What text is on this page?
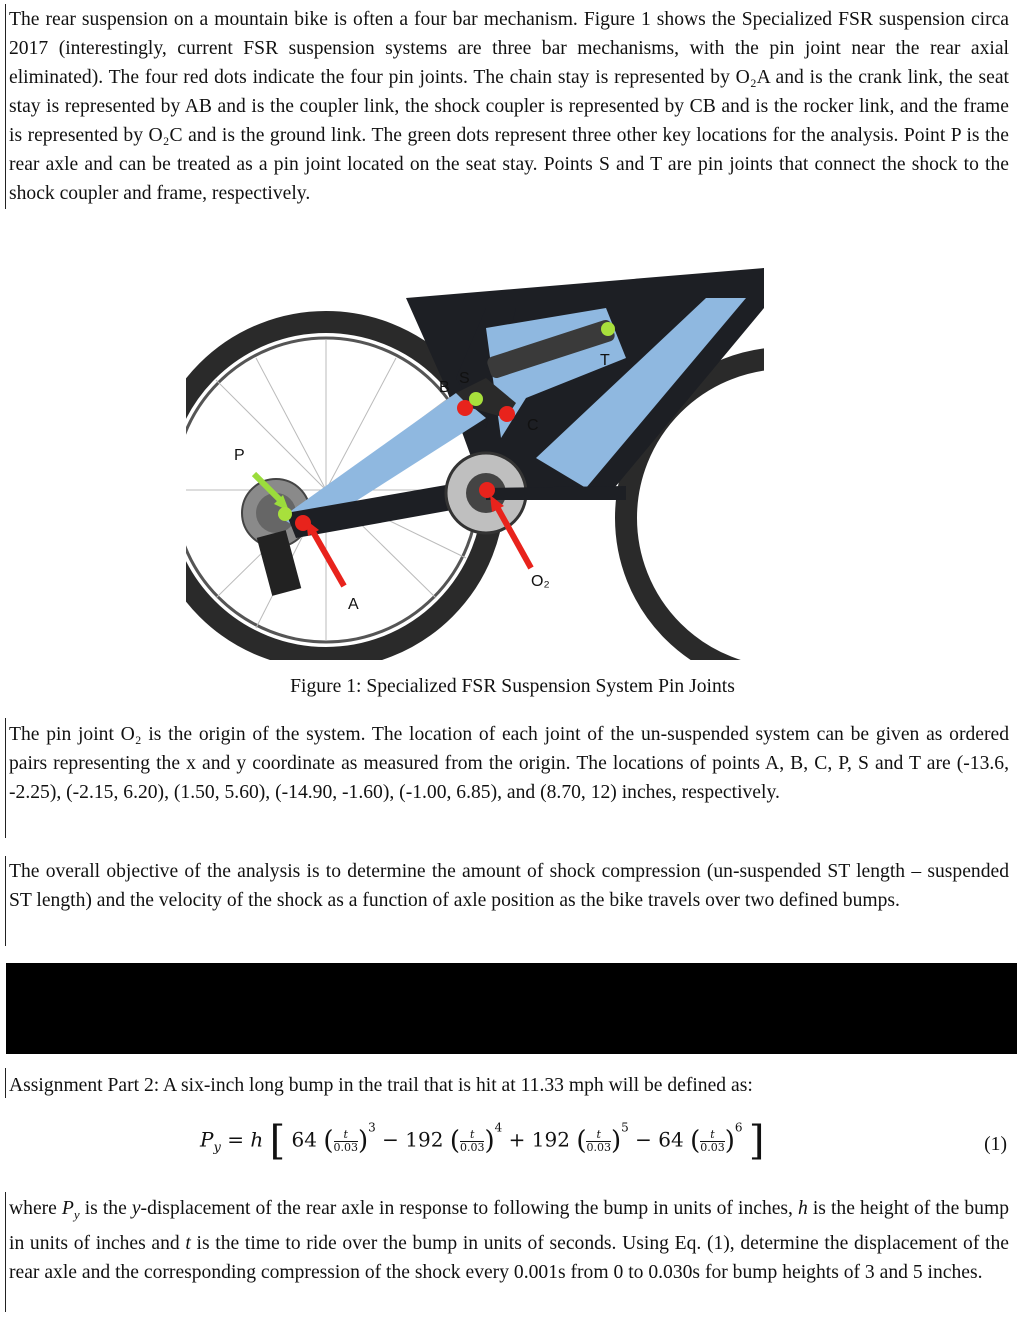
The rear suspension on a mountain bike is often a four bar mechanism. Figure 1 shows the Specialized FSR suspension circa 2017 (interestingly, current FSR suspension systems are three bar mechanisms, with the pin joint near the rear axial eliminated). The four red dots indicate the four pin joints. The chain stay is represented by O₂A and is the crank link, the seat stay is represented by AB and is the coupler link, the shock coupler is represented by CB and is the rocker link, and the frame is represented by O₂C and is the ground link. The green dots represent three other key locations for the analysis. Point P is the rear axle and can be treated as a pin joint located on the seat stay. Points S and T are pin joints that connect the shock to the shock coupler and frame, respectively.

P
B
S
C
T
A
O₂
Figure 1: Specialized FSR Suspension System Pin Joints

The pin joint O₂ is the origin of the system. The location of each joint of the un-suspended system can be given as ordered pairs representing the x and y coordinate as measured from the origin. The locations of points A, B, C, P, S and T are (-13.6, -2.25), (-2.15, 6.20), (1.50, 5.60), (-14.90, -1.60), (-1.00, 6.85), and (8.70, 12) inches, respectively.

The overall objective of the analysis is to determine the amount of shock compression (un-suspended ST length – suspended ST length) and the velocity of the shock as a function of axle position as the bike travels over two defined bumps.

Assignment Part 2: A six-inch long bump in the trail that is hit at 11.33 mph will be defined as:

$P_y = h$ [ 64 ( $\frac{t}{0.03} )^3 - 192$ ( $\frac{t}{0.03} )^4 + 192$ ( $\frac{t}{0.03} )^5 - 64$ ( $\frac{t}{0.03} )^6$ ]	(1)

where $P_y$ is the y-displacement of the rear axle in response to following the bump in units of inches, h is the height of the bump in units of inches and t is the time to ride over the bump in units of seconds. Using Eq. (1), determine the displacement of the rear axle and the corresponding compression of the shock every 0.001s from 0 to 0.030s for bump heights of 3 and 5 inches.
